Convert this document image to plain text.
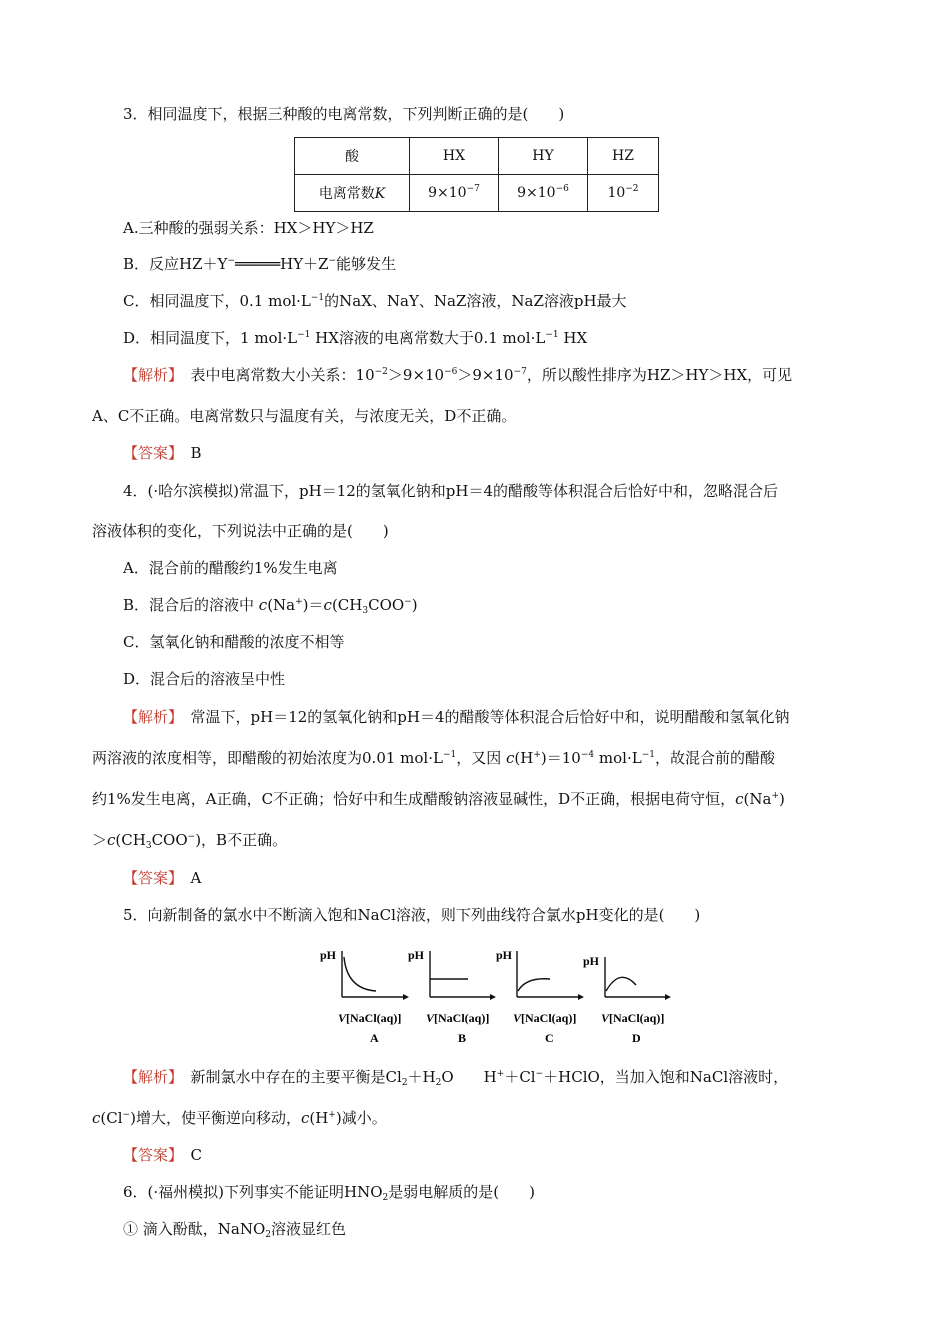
3．相同温度下，根据三种酸的电离常数，下列判断正确的是(　　)
酸	HX	HY	HZ
电离常数K	$9\times 10^{-7}$	$9\times 10^{-6}$	$10^{-2}$
A.三种酸的强弱关系：HX＞HY＞HZ
B．反应HZ＋Y−═════HY＋Z−能够发生
C．相同温度下，0.1 $mol\cdot L^{-1}$的NaX、NaY、NaZ溶液，NaZ溶液pH最大
D．相同温度下，1 $mol\cdot L^{-1}$ HX溶液的电离常数大于0.1 $mol\cdot L^{-1}$ HX
【解析】　 表中电离常数大小关系：$10^{-2}>9\times 10^{-6}>9\times 10^{-7}$，所以酸性排序为HZ＞HY＞HX，可见
A、C不正确。电离常数只与温度有关，与浓度无关，D不正确。
【答案】　 B
4．(·哈尔滨模拟)常温下，pH＝12的氢氧化钠和pH＝4的醋酸等体积混合后恰好中和，忽略混合后
溶液体积的变化，下列说法中正确的是(　　)
A．混合前的醋酸约1%发生电离
B．混合后的溶液中 $c(Na^+)=c(CH_3COO^-)$
C．氢氧化钠和醋酸的浓度不相等
D．混合后的溶液呈中性
【解析】　 常温下，pH＝12的氢氧化钠和pH＝4的醋酸等体积混合后恰好中和，说明醋酸和氢氧化钠
两溶液的浓度相等，即醋酸的初始浓度为0.01 $mol\cdot L^{-1}$，又因 $c(H^+)=10^{-4}$ $mol\cdot L^{-1}$，故混合前的醋酸
约1%发生电离，A正确，C不正确；恰好中和生成醋酸钠溶液显碱性，D不正确，根据电荷守恒，c(Na+)
$>c(CH_3COO^-)$，B不正确。
【答案】　 A
5．向新制备的氯水中不断滴入饱和NaCl溶液，则下列曲线符合氯水pH变化的是(　　)
pH
V[NaCl(aq)]
A
pH
V[NaCl(aq)]
B
pH
V[NaCl(aq)]
C
pH
V[NaCl(aq)]
D
【解析】　 新制氯水中存在的主要平衡是$Cl_2+H_2O$　　H+＋Cl−＋HClO，当加入饱和NaCl溶液时，
c(Cl−)增大，使平衡逆向移动，c(H+)减小。
【答案】　 C
6．(·福州模拟)下列事实不能证明$HNO_2$是弱电解质的是(　　)
① 滴入酚酞，NaNO$_2$溶液显红色
